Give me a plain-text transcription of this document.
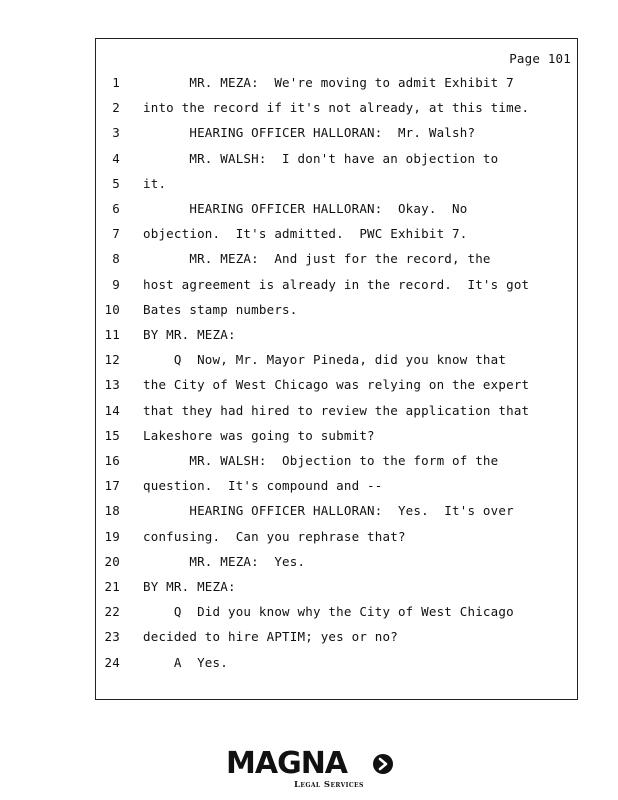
Page 101
1 MR. MEZA:  We're moving to admit Exhibit 7
2 into the record if it's not already, at this time.
3 HEARING OFFICER HALLORAN:  Mr. Walsh?
4 MR. WALSH:  I don't have an objection to
5 it.
6 HEARING OFFICER HALLORAN:  Okay.  No
7 objection.  It's admitted.  PWC Exhibit 7.
8 MR. MEZA:  And just for the record, the
9 host agreement is already in the record.  It's got
10 Bates stamp numbers.
11 BY MR. MEZA:
12 Q  Now, Mr. Mayor Pineda, did you know that
13 the City of West Chicago was relying on the expert
14 that they had hired to review the application that
15 Lakeshore was going to submit?
16 MR. WALSH:  Objection to the form of the
17 question.  It's compound and --
18 HEARING OFFICER HALLORAN:  Yes.  It's over
19 confusing.  Can you rephrase that?
20 MR. MEZA:  Yes.
21 BY MR. MEZA:
22 Q  Did you know why the City of West Chicago
23 decided to hire APTIM; yes or no?
24 A  Yes.
MAGNA
Legal Services
